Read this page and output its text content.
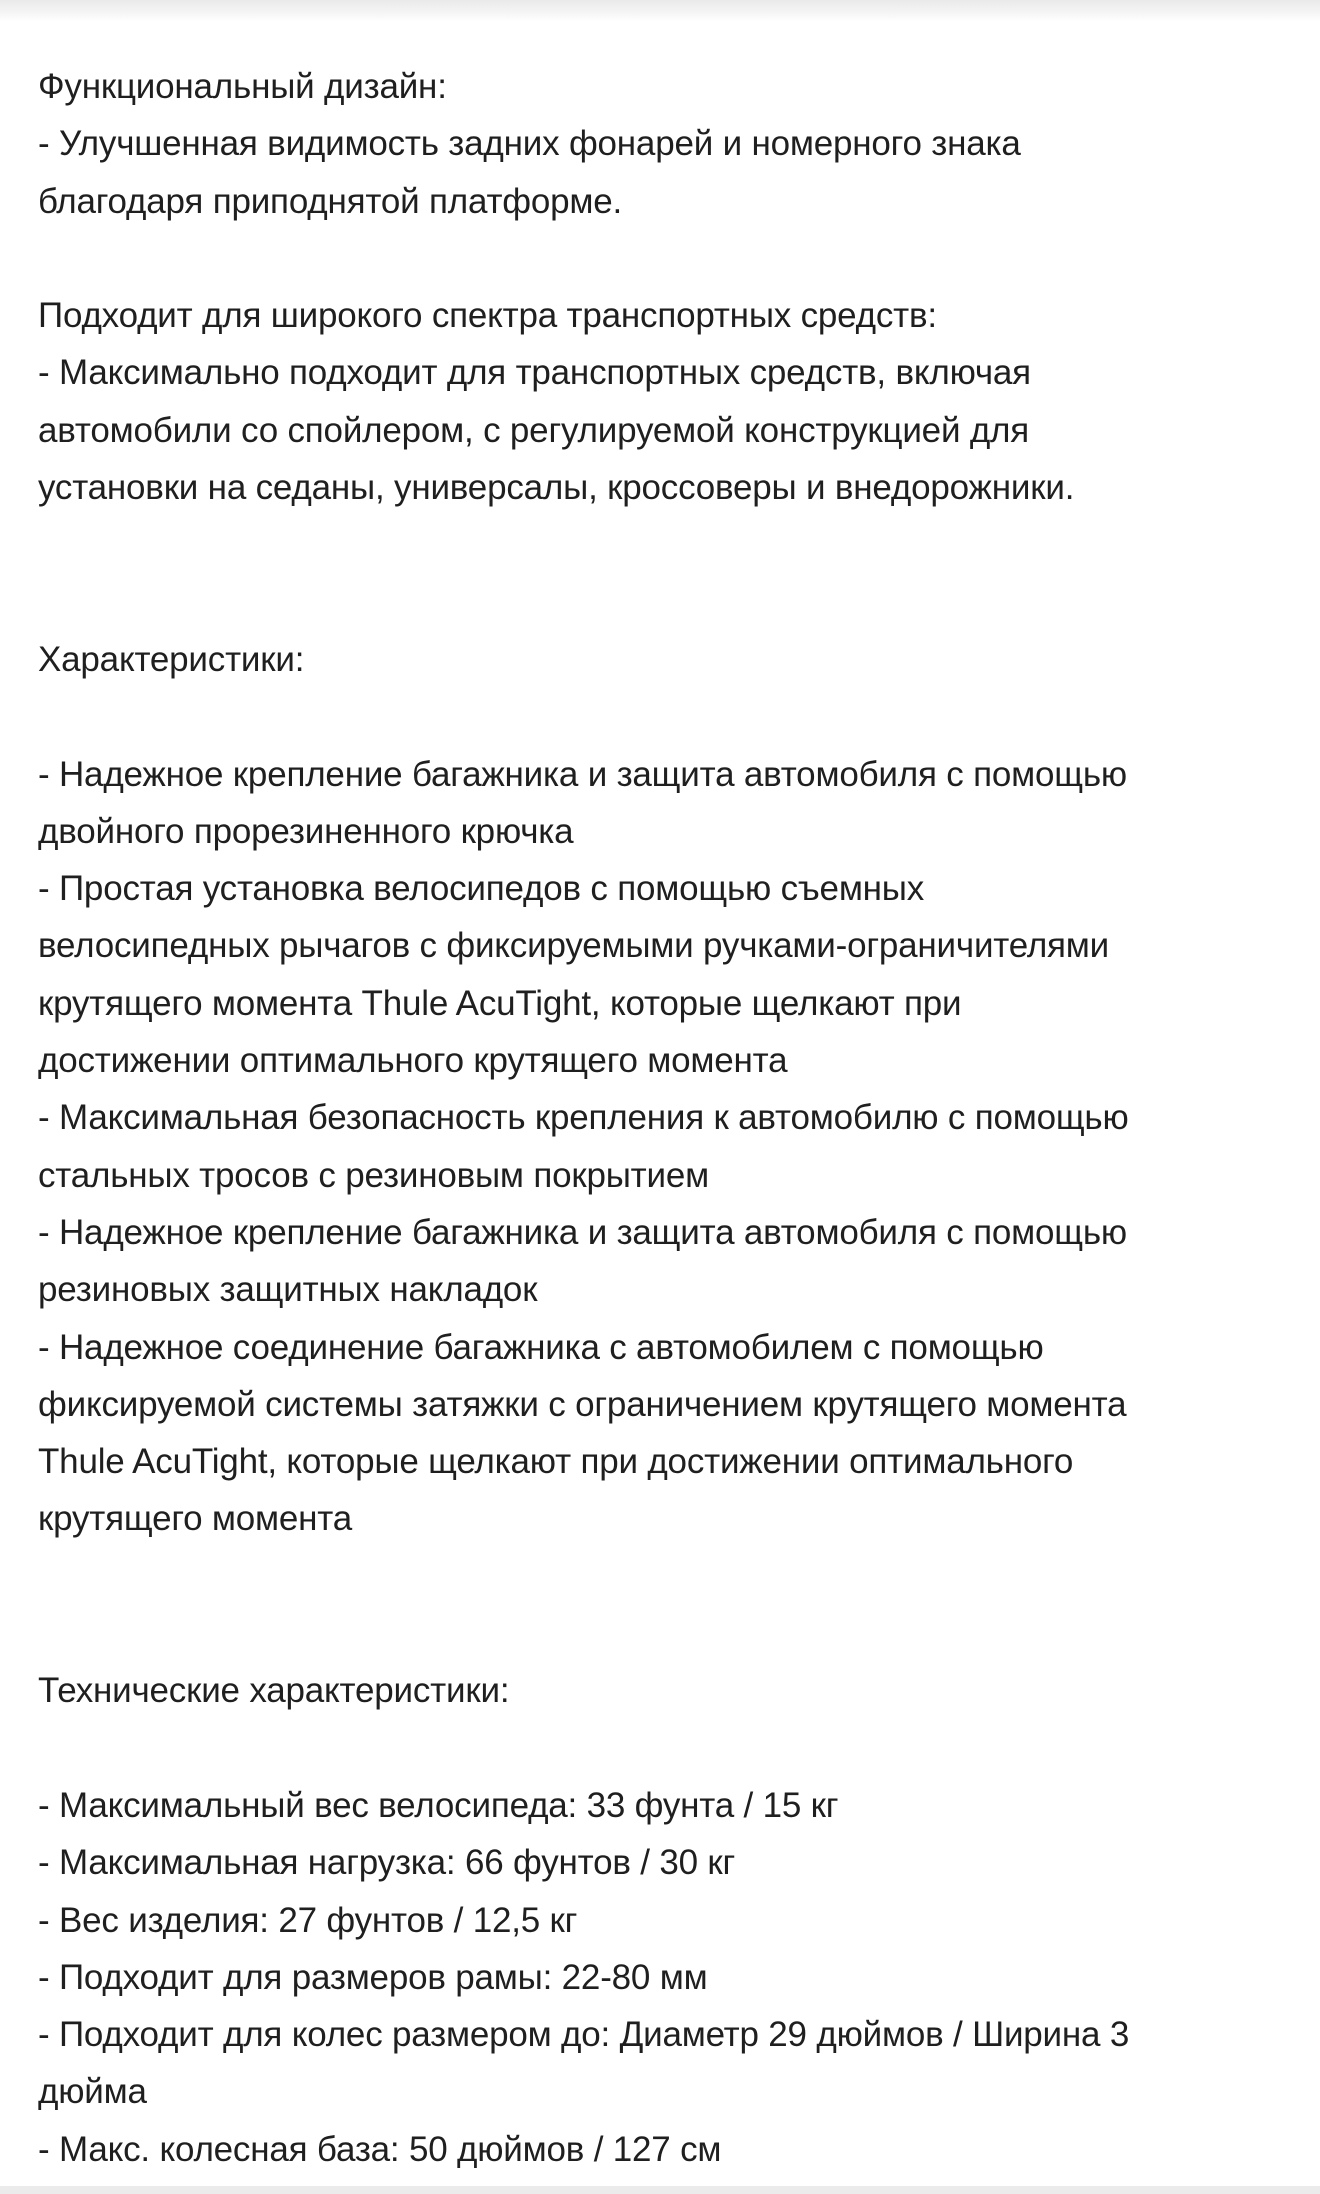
Функциональный дизайн:
- Улучшенная видимость задних фонарей и номерного знака
благодаря приподнятой платформе.
Подходит для широкого спектра транспортных средств:
- Максимально подходит для транспортных средств, включая
автомобили со спойлером, с регулируемой конструкцией для
установки на седаны, универсалы, кроссоверы и внедорожники.
Характеристики:
- Надежное крепление багажника и защита автомобиля с помощью
двойного прорезиненного крючка
- Простая установка велосипедов с помощью съемных
велосипедных рычагов с фиксируемыми ручками-ограничителями
крутящего момента Thule AcuTight, которые щелкают при
достижении оптимального крутящего момента
- Максимальная безопасность крепления к автомобилю с помощью
стальных тросов с резиновым покрытием
- Надежное крепление багажника и защита автомобиля с помощью
резиновых защитных накладок
- Надежное соединение багажника с автомобилем с помощью
фиксируемой системы затяжки с ограничением крутящего момента
Thule AcuTight, которые щелкают при достижении оптимального
крутящего момента
Технические характеристики:
- Максимальный вес велосипеда: 33 фунта / 15 кг
- Максимальная нагрузка: 66 фунтов / 30 кг
- Вес изделия: 27 фунтов / 12,5 кг
- Подходит для размеров рамы: 22-80 мм
- Подходит для колес размером до: Диаметр 29 дюймов / Ширина 3
дюйма
- Макс. колесная база: 50 дюймов / 127 см
